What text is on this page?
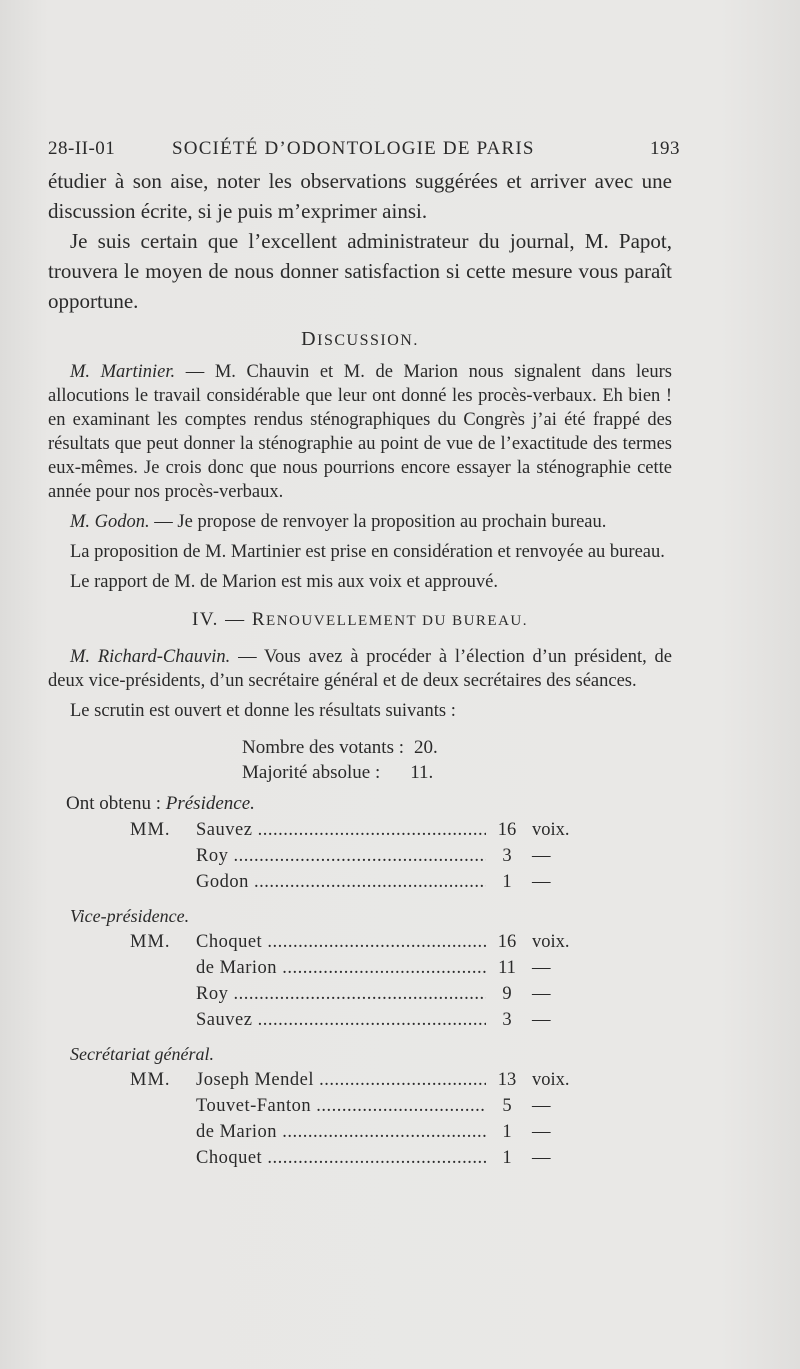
28-II-01	SOCIÉTÉ D’ODONTOLOGIE DE PARIS	193

étudier à son aise, noter les observations suggérées et arriver avec une discussion écrite, si je puis m’exprimer ainsi.

Je suis certain que l’excellent administrateur du journal, M. Papot, trouvera le moyen de nous donner satisfaction si cette mesure vous paraît opportune.

DISCUSSION.

M. Martinier. — M. Chauvin et M. de Marion nous signalent dans leurs allocutions le travail considérable que leur ont donné les procès-verbaux. Eh bien ! en examinant les comptes rendus sténographiques du Congrès j’ai été frappé des résultats que peut donner la sténographie au point de vue de l’exactitude des termes eux-mêmes. Je crois donc que nous pourrions encore essayer la sténographie cette année pour nos procès-verbaux.

M. Godon. — Je propose de renvoyer la proposition au prochain bureau.

La proposition de M. Martinier est prise en considération et renvoyée au bureau.

Le rapport de M. de Marion est mis aux voix et approuvé.

IV. — RENOUVELLEMENT DU BUREAU.

M. Richard-Chauvin. — Vous avez à procéder à l’élection d’un président, de deux vice-présidents, d’un secrétaire général et de deux secrétaires des séances.

Le scrutin est ouvert et donne les résultats suivants :

Nombre des votants : 20.
Majorité absolue : 11.
Ont obtenu : Présidence.
MM. Sauvez .....	16 voix.
Roy .....	3	—
Godon .....	1	—
Vice-présidence.
MM. Choquet .....	16 voix.
de Marion .....	11 —
Roy .....	9	—
Sauvez .....	3	—
Secrétariat général.
MM. Joseph Mendel .....	13 voix.
Touvet-Fanton .....	5	—
de Marion .....	1	—
Choquet .....	1	—
